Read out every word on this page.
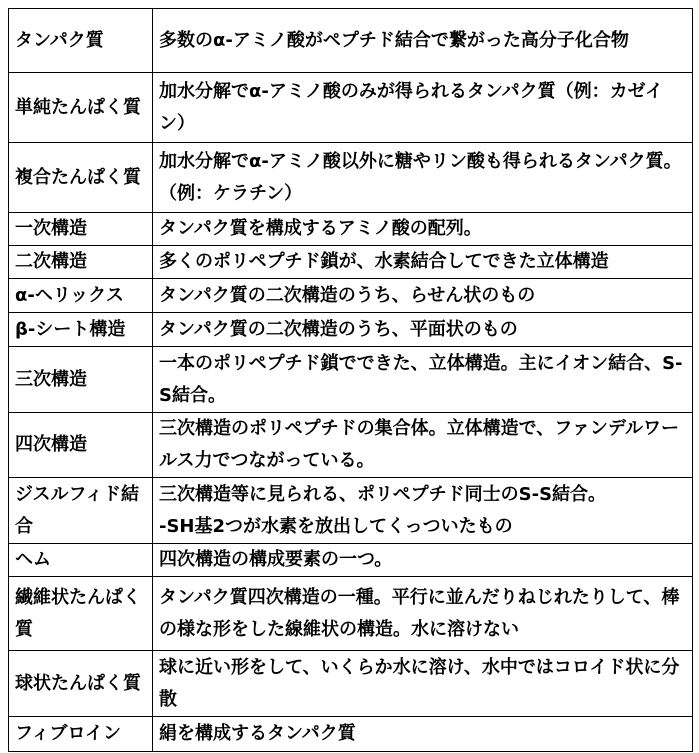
タンパク質	多数のα-アミノ酸がペプチド結合で繋がった高分子化合物
単純たんぱく質	加水分解でα-アミノ酸のみが得られるタンパク質（例：カゼイン）
複合たんぱく質	加水分解でα-アミノ酸以外に糖やリン酸も得られるタンパク質。（例：ケラチン）
一次構造	タンパク質を構成するアミノ酸の配列。
二次構造	多くのポリペプチド鎖が、水素結合してできた立体構造
α-ヘリックス	タンパク質の二次構造のうち、らせん状のもの
β-シート構造	タンパク質の二次構造のうち、平面状のもの
三次構造	一本のポリペプチド鎖でできた、立体構造。主にイオン結合、S-S結合。
四次構造	三次構造のポリペプチドの集合体。立体構造で、ファンデルワールス力でつながっている。
ジスルフィド結合	三次構造等に見られる、ポリペプチド同士のS-S結合。
-SH基2つが水素を放出してくっついたもの
ヘム	四次構造の構成要素の一つ。
繊維状たんぱく質	タンパク質四次構造の一種。平行に並んだりねじれたりして、棒の様な形をした線維状の構造。水に溶けない
球状たんぱく質	球に近い形をして、いくらか水に溶け、水中ではコロイド状に分散
フィブロイン	絹を構成するタンパク質
